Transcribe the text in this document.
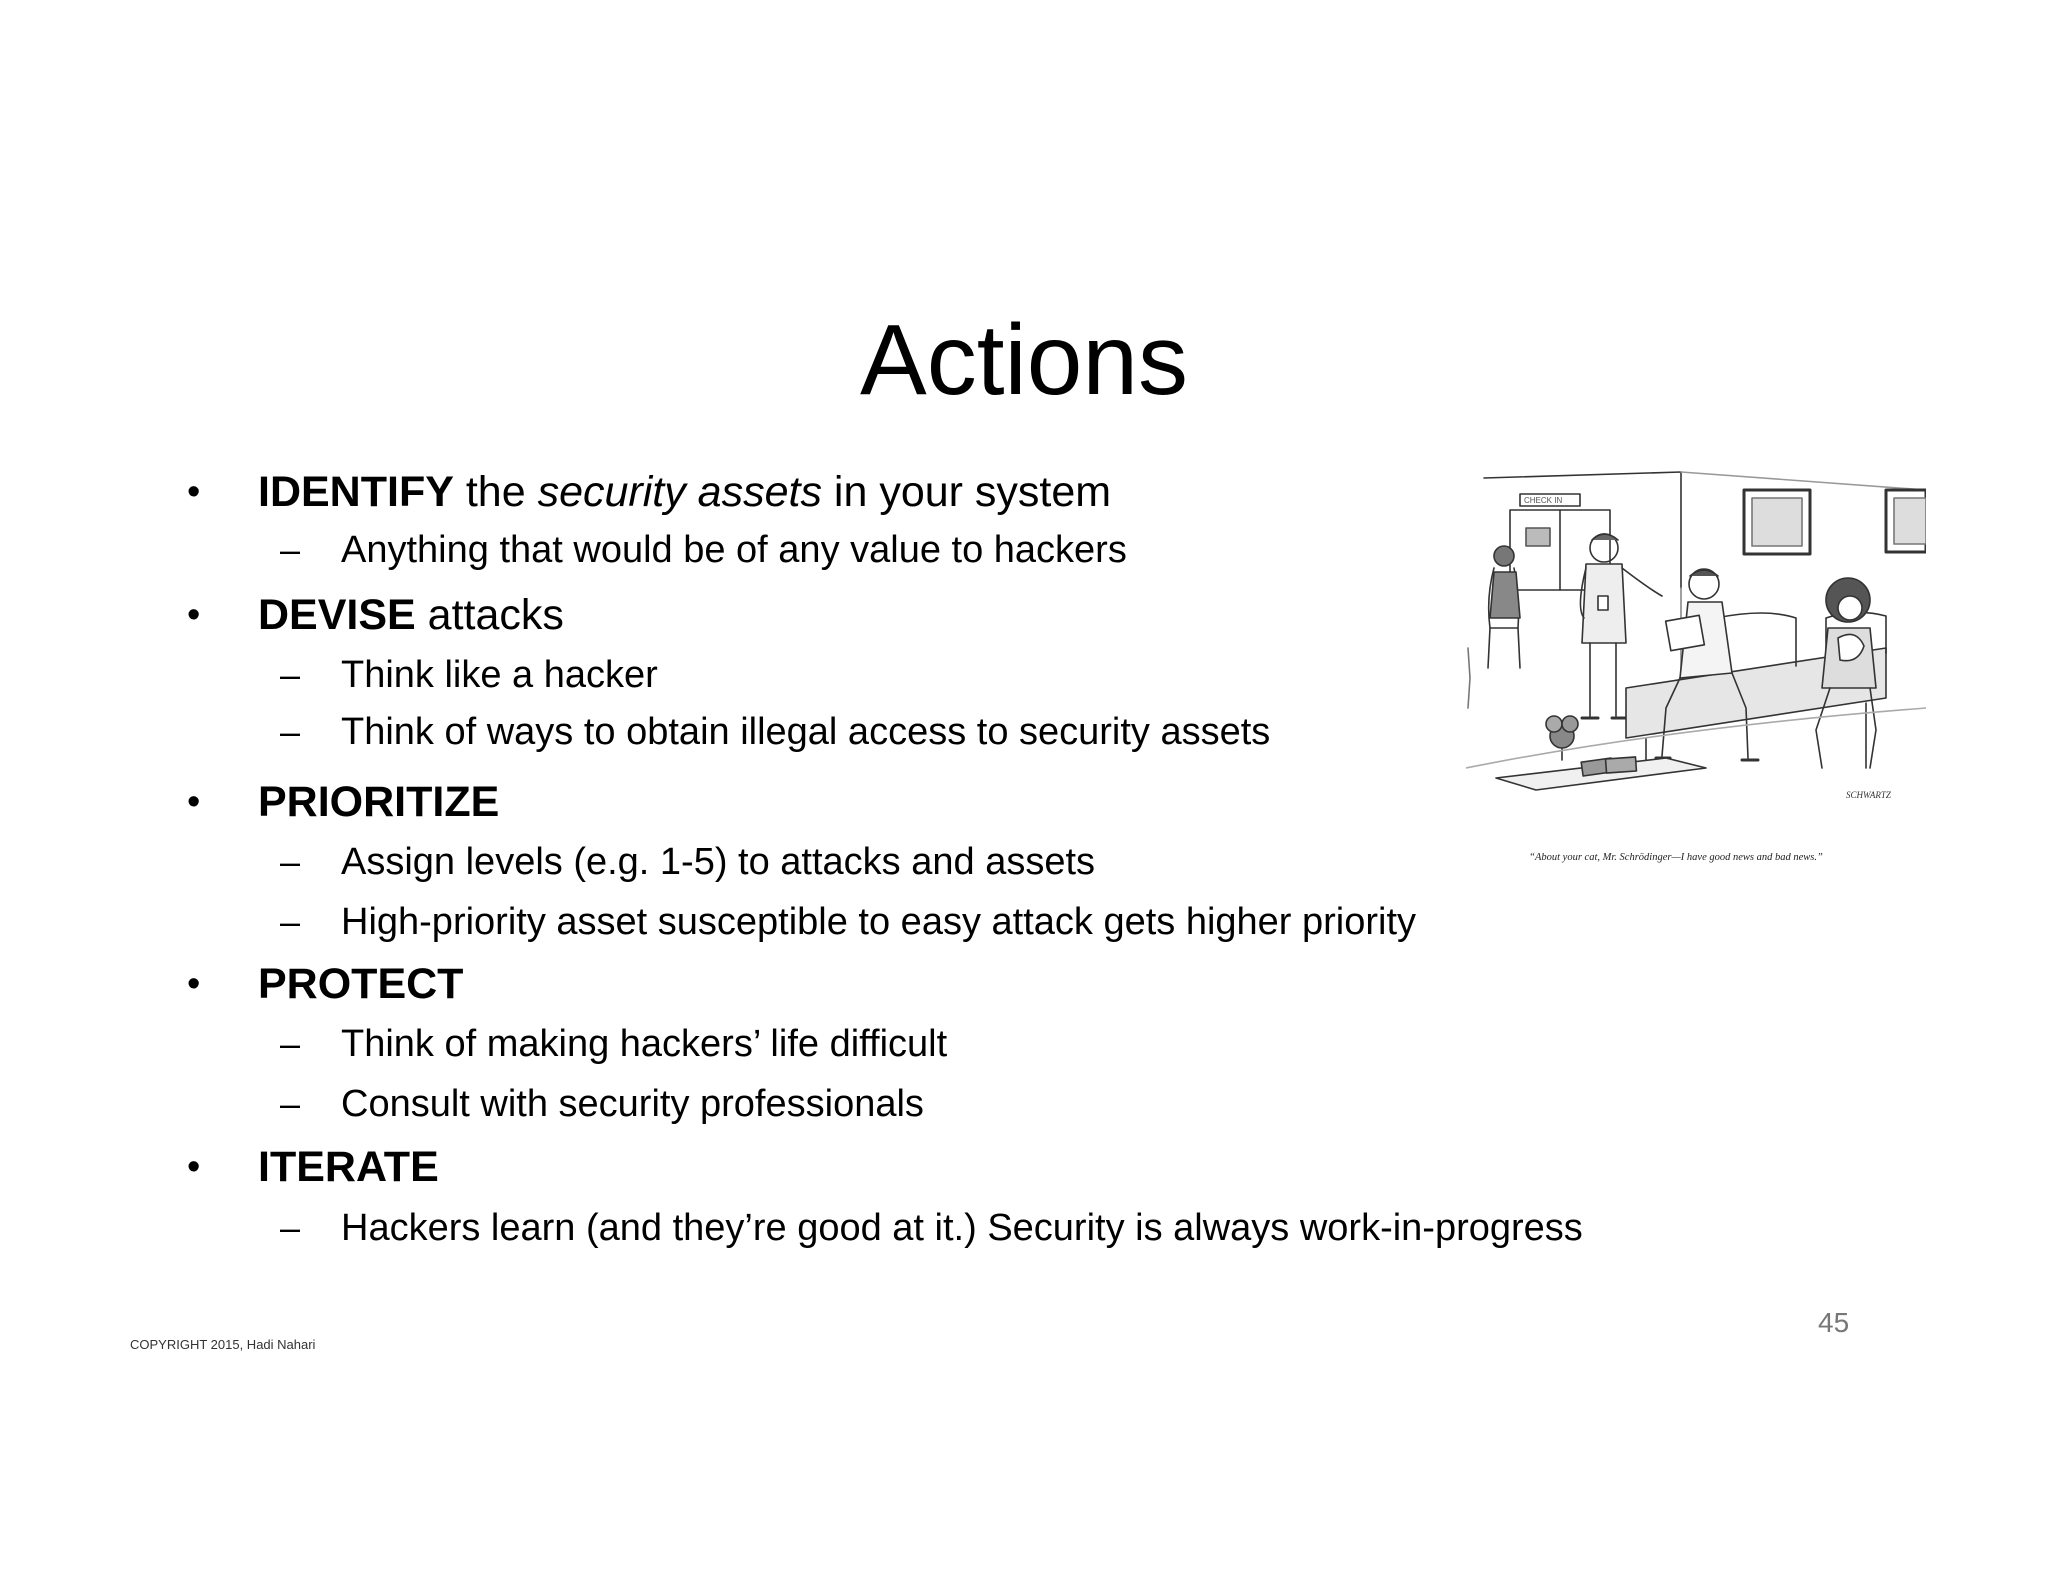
Actions
• IDENTIFY the security assets in your system
– Anything that would be of any value to hackers
• DEVISE attacks
– Think like a hacker
– Think of ways to obtain illegal access to security assets
• PRIORITIZE
– Assign levels (e.g. 1-5) to attacks and assets
– High-priority asset susceptible to easy attack gets higher priority
• PROTECT
– Think of making hackers’ life difficult
– Consult with security professionals
• ITERATE
– Hackers learn (and they’re good at it.) Security is always work-in-progress
CHECK IN
SCHWARTZ
“About your cat, Mr. Schrödinger—I have good news and bad news.”
COPYRIGHT 2015, Hadi Nahari
45
